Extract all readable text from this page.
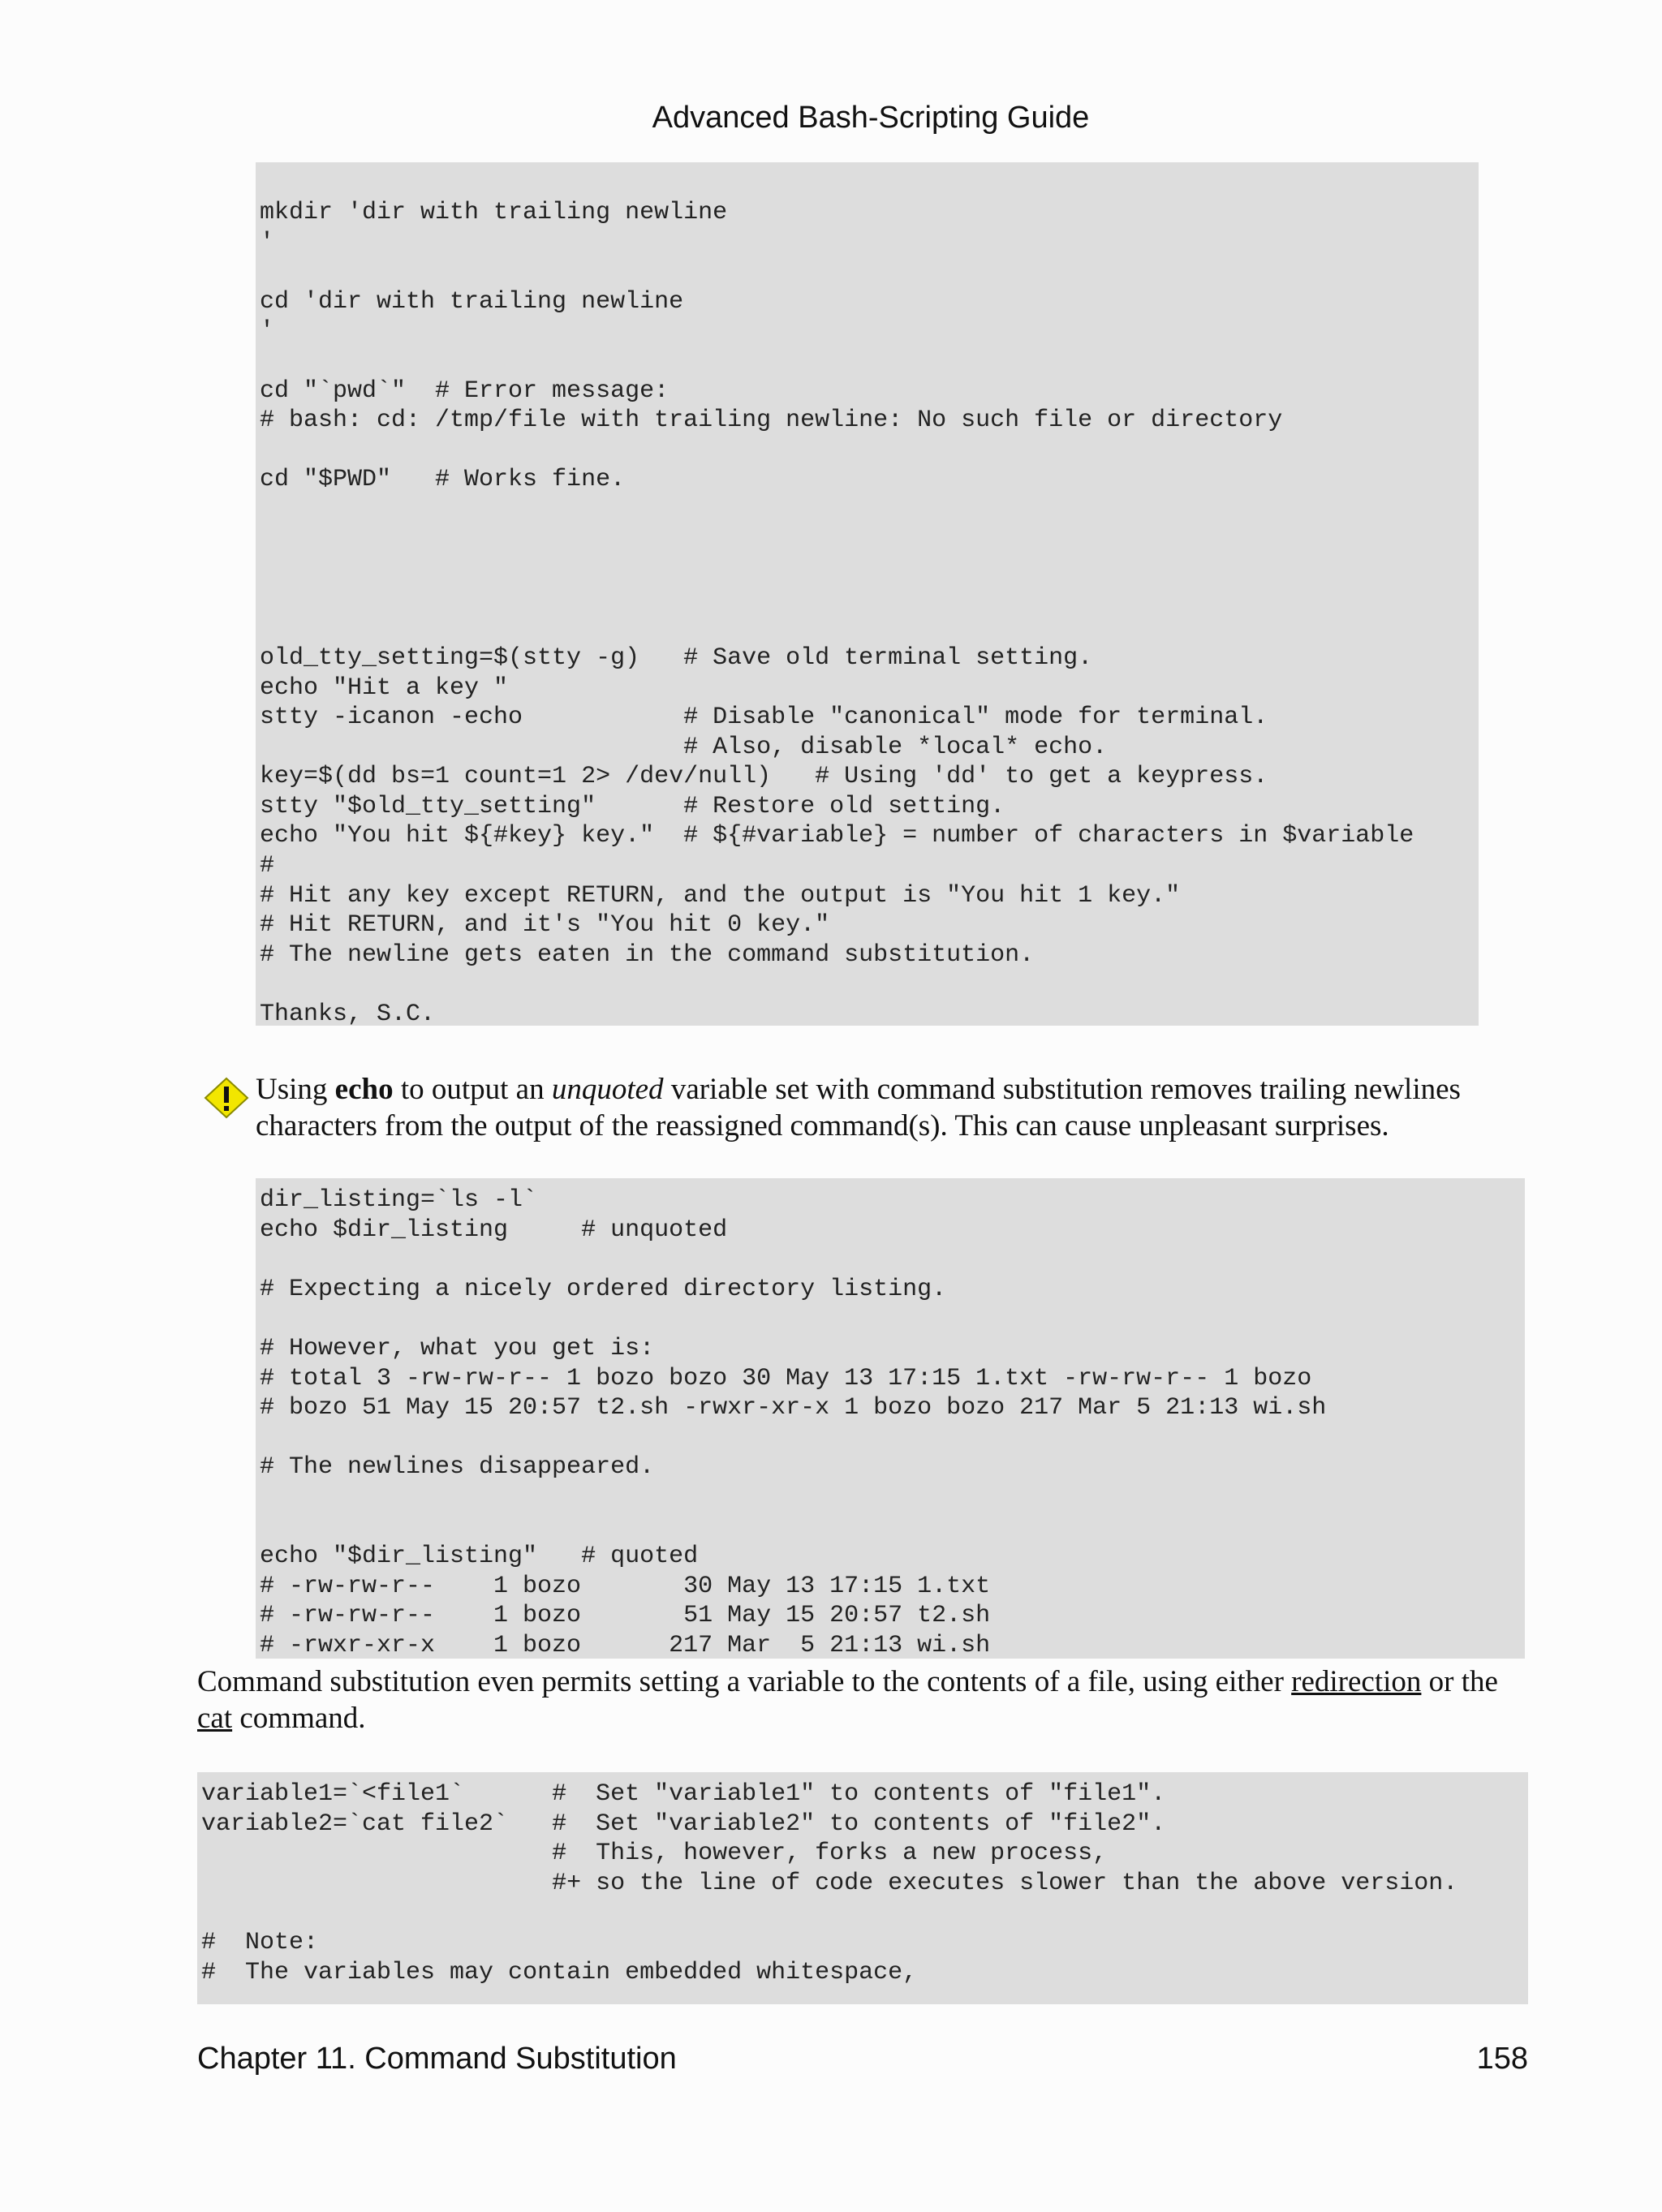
Advanced Bash-Scripting Guide
mkdir 'dir with trailing newline
'
cd 'dir with trailing newline
'
cd "`pwd`"  # Error message:
# bash: cd: /tmp/file with trailing newline: No such file or directory
cd "$PWD"   # Works fine.
old_tty_setting=$(stty -g)   # Save old terminal setting.
echo "Hit a key "
stty -icanon -echo           # Disable "canonical" mode for terminal.
# Also, disable *local* echo.
key=$(dd bs=1 count=1 2> /dev/null)   # Using 'dd' to get a keypress.
stty "$old_tty_setting"      # Restore old setting.
echo "You hit ${#key} key."  # ${#variable} = number of characters in $variable
#
# Hit any key except RETURN, and the output is "You hit 1 key."
# Hit RETURN, and it's "You hit 0 key."
# The newline gets eaten in the command substitution.
Thanks, S.C.
Using echo to output an unquoted variable set with command substitution removes trailing newlines characters from the output of the reassigned command(s). This can cause unpleasant surprises.
dir_listing=`ls -l`
echo $dir_listing     # unquoted
# Expecting a nicely ordered directory listing.
# However, what you get is:
# total 3 -rw-rw-r-- 1 bozo bozo 30 May 13 17:15 1.txt -rw-rw-r-- 1 bozo
# bozo 51 May 15 20:57 t2.sh -rwxr-xr-x 1 bozo bozo 217 Mar 5 21:13 wi.sh
# The newlines disappeared.
echo "$dir_listing"   # quoted
# -rw-rw-r--    1 bozo       30 May 13 17:15 1.txt
# -rw-rw-r--    1 bozo       51 May 15 20:57 t2.sh
# -rwxr-xr-x    1 bozo      217 Mar  5 21:13 wi.sh
Command substitution even permits setting a variable to the contents of a file, using either redirection or the cat command.
variable1=`<file1`      #  Set "variable1" to contents of "file1".
variable2=`cat file2`   #  Set "variable2" to contents of "file2".
#  This, however, forks a new process,
#+ so the line of code executes slower than the above version.
#  Note:
#  The variables may contain embedded whitespace,
Chapter 11. Command Substitution	158
